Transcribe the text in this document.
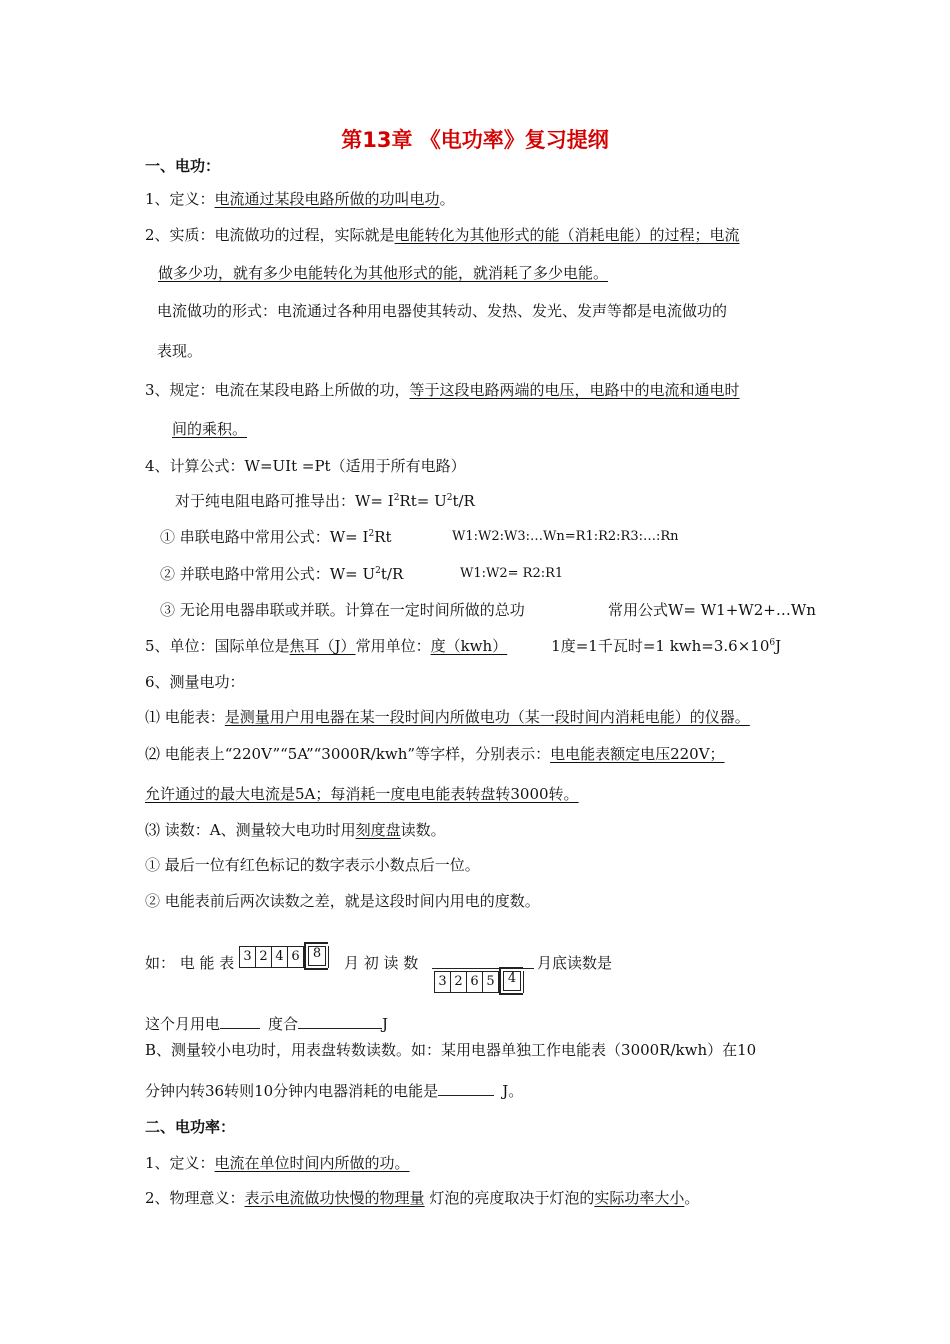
第13章 《电功率》复习提纲
一、电功：
1、定义：电流通过某段电路所做的功叫电功。
2、实质：电流做功的过程，实际就是电能转化为其他形式的能（消耗电能）的过程；电流
做多少功，就有多少电能转化为其他形式的能，就消耗了多少电能。
电流做功的形式：电流通过各种用电器使其转动、发热、发光、发声等都是电流做功的
表现。
3、规定：电流在某段电路上所做的功，等于这段电路两端的电压，电路中的电流和通电时
间的乘积。
4、计算公式：W=UIt =Pt（适用于所有电路）
对于纯电阻电路可推导出：$W= I^2Rt= U^2t/R$
① 串联电路中常用公式：$W= I^2Rt$	W1:W2:W3:…Wn=R1:R2:R3:…:Rn
② 并联电路中常用公式：$W= U^2t/R$	W1:W2= R2:R1
③ 无论用电器串联或并联。计算在一定时间所做的总功	常用公式W= W1+W2+…Wn
5、单位：国际单位是焦耳（J）常用单位：度（kwh）	1度=1千瓦时=1 $kwh=3.6\times 10^6J$
6、测量电功：
⑴ 电能表：是测量用户用电器在某一段时间内所做电功（某一段时间内消耗电能）的仪器。
⑵ 电能表上“220V”“5A”“3000R/kwh”等字样，分别表示：电电能表额定电压220V；
允许通过的最大电流是5A；每消耗一度电电能表转盘转3000转。
⑶ 读数：A、测量较大电功时用刻度盘读数。
① 最后一位有红色标记的数字表示小数点后一位。
② 电能表前后两次读数之差，就是这段时间内用电的度数。
如： 电 能 表 3 2 4 6	8
月 初 读 数
3 2 6 5	4
月底读数是
这个月用电	度合	J
B、测量较小电功时，用表盘转数读数。如：某用电器单独工作电能表（3000R/kwh）在10
分钟内转36转则10分钟内电器消耗的电能是	J。
二、电功率：
1、定义：电流在单位时间内所做的功。
2、物理意义：表示电流做功快慢的物理量 灯泡的亮度取决于灯泡的实际功率大小。
